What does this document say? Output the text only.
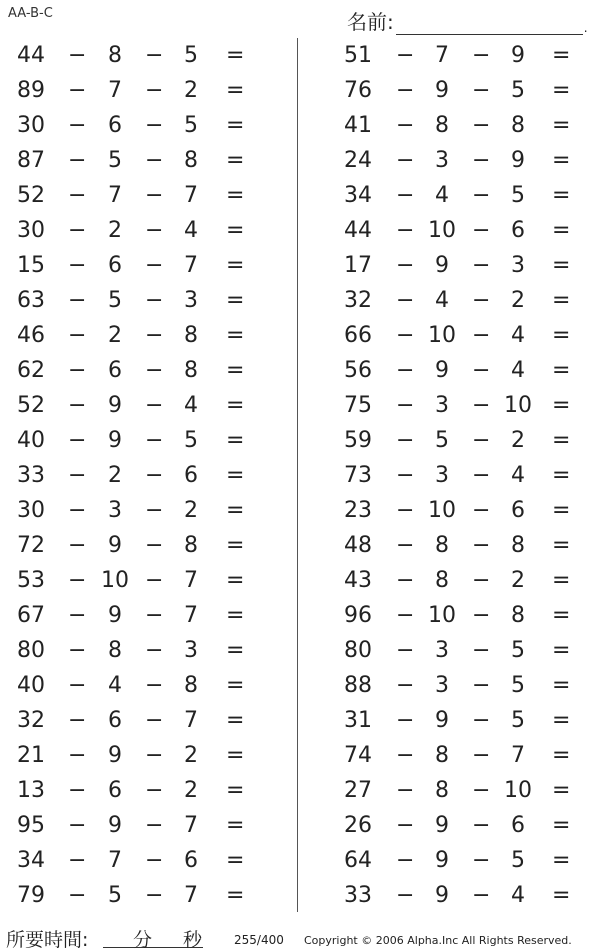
AA-B-C	名前:	.
44 − 8	− 5	=
89 − 7	− 2	=
30 − 6	− 5	=
87 − 5	− 8	=
52 − 7	− 7	=
30 − 2	− 4	=
15 − 6	− 7	=
63 − 5	− 3	=
46 − 2	− 8	=
62 − 6	− 8	=
52 − 9	− 4	=
40 − 9	− 5	=
33 − 2	− 6	=
30 − 3	− 2	=
72 − 9	− 8	=
53 − 10 − 7	=
67 − 9	− 7	=
80 − 8	− 3	=
40 − 4	− 8	=
32 − 6	− 7	=
21 − 9	− 2	=
13 − 6	− 2	=
95 − 9	− 7	=
34 − 7	− 6	=
79 − 5	− 7	=
51 − 7	− 9	=
76 − 9	− 5	=
41 − 8	− 8	=
24 − 3	− 9	=
34 − 4	− 5	=
44 − 10 − 6	=
17 − 9	− 3	=
32 − 4	− 2	=
66 − 10 − 4	=
56 − 9	− 4	=
75 − 3	− 10 =
59 − 5	− 2	=
73 − 3	− 4	=
23 − 10 − 6	=
48 − 8	− 8	=
43 − 8	− 2	=
96 − 10 − 8	=
80 − 3	− 5	=
88 − 3	− 5	=
31 − 9	− 5	=
74 − 8	− 7	=
27 − 8	− 10 =
26 − 9	− 6	=
64 − 9	− 5	=
33 − 9	− 4	=
所要時間: 分 秒	255/400 Copyright © 2006 Alpha.Inc All Rights Reserved.
